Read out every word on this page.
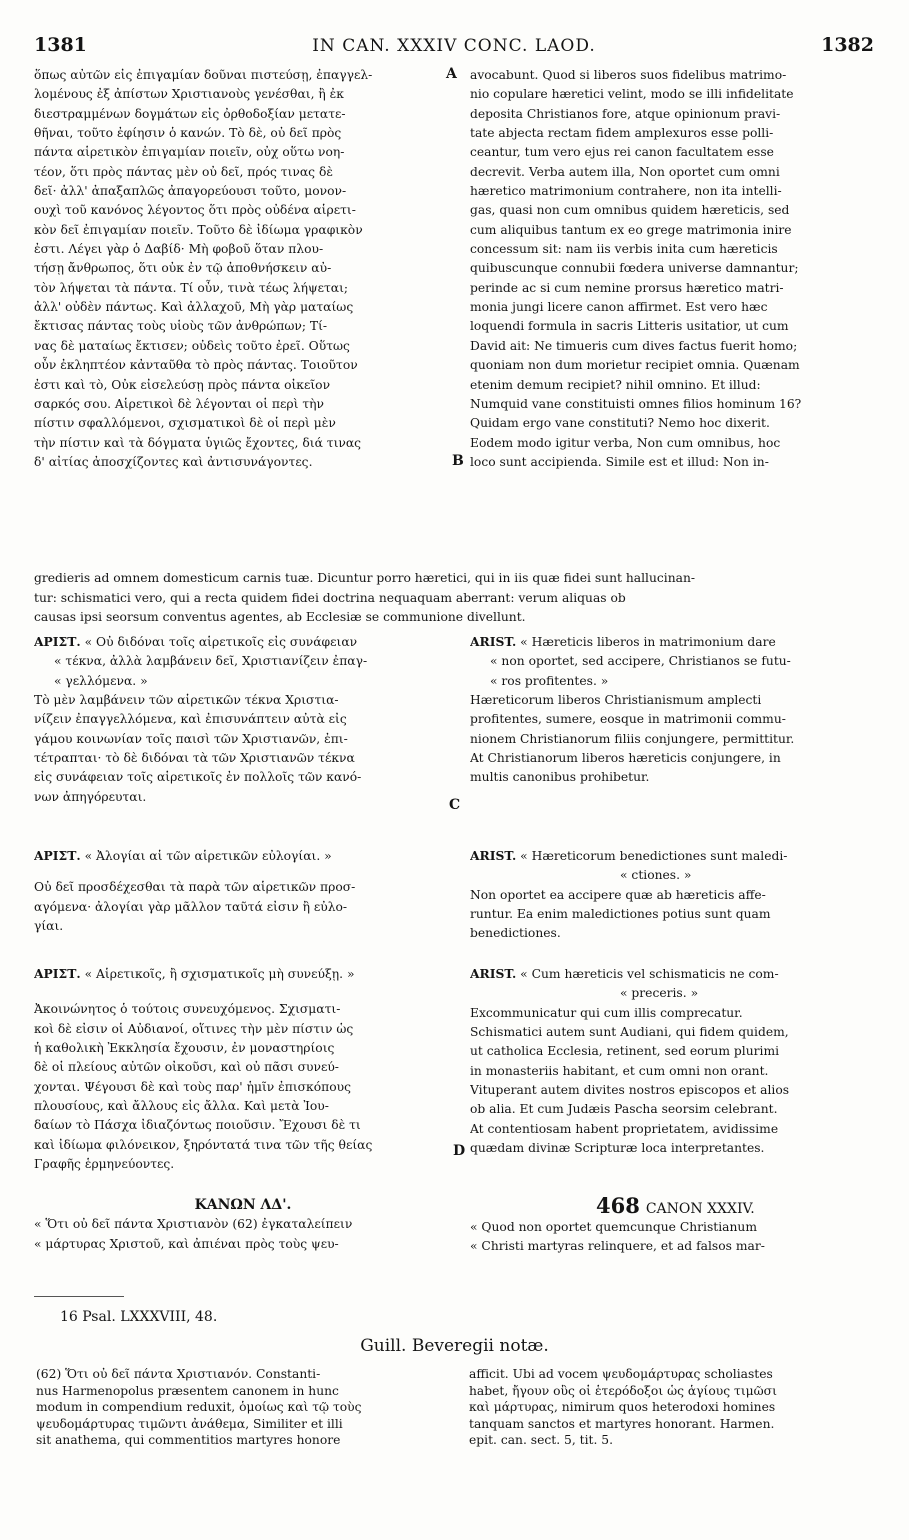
1381	IN CAN. XXXIV CONC. LAOD.	1382
ὅπως αὐτῶν εἰς ἐπιγαμίαν δοῦναι πιστεύσῃ, ἐπαγγελ-
λομένους ἐξ ἀπίστων Χριστιανοὺς γενέσθαι, ἢ ἐκ
διεστραμμένων δογμάτων εἰς ὀρθοδοξίαν μετατε-
θῆναι, τοῦτο ἐφίησιν ὁ κανών. Τὸ δὲ, οὐ δεῖ πρὸς
πάντα αἱρετικὸν ἐπιγαμίαν ποιεῖν, οὐχ οὕτω νοη-
τέον, ὅτι πρὸς πάντας μὲν οὐ δεῖ, πρός τινας δὲ
δεῖ· ἀλλ' ἀπαξαπλῶς ἀπαγορεύουσι τοῦτο, μονον-
ουχὶ τοῦ κανόνος λέγοντος ὅτι πρὸς οὐδένα αἱρετι-
κὸν δεῖ ἐπιγαμίαν ποιεῖν. Τοῦτο δὲ ἰδίωμα γραφικὸν
ἐστι. Λέγει γὰρ ὁ Δαβίδ· Μὴ φοβοῦ ὅταν πλου-
τήσῃ ἄνθρωπος, ὅτι οὐκ ἐν τῷ ἀποθνήσκειν αὐ-
τὸν λήψεται τὰ πάντα. Τί οὖν, τινὰ τέως λήψεται;
ἀλλ' οὐδὲν πάντως. Καὶ ἀλλαχοῦ, Μὴ γὰρ ματαίως
ἔκτισας πάντας τοὺς υἱοὺς τῶν ἀνθρώπων; Τί-
νας δὲ ματαίως ἔκτισεν; οὐδεὶς τοῦτο ἐρεῖ. Οὕτως
οὖν ἐκληπτέον κἀνταῦθα τὸ πρὸς πάντας. Τοιοῦτον
ἐστι καὶ τὸ, Οὐκ εἰσελεύσῃ πρὸς πάντα οἰκεῖον
σαρκός σου. Αἱρετικοὶ δὲ λέγονται οἱ περὶ τὴν
πίστιν σφαλλόμενοι, σχισματικοὶ δὲ οἱ περὶ μὲν
τὴν πίστιν καὶ τὰ δόγματα ὑγιῶς ἔχοντες, διά τινας
δ' αἰτίας ἀποσχίζοντες καὶ ἀντισυνάγοντες.
avocabunt. Quod si liberos suos fidelibus matrimo-
nio copulare hæretici velint, modo se illi infidelitate
deposita Christianos fore, atque opinionum pravi-
tate abjecta rectam fidem amplexuros esse polli-
ceantur, tum vero ejus rei canon facultatem esse
decrevit. Verba autem illa, Non oportet cum omni
hæretico matrimonium contrahere, non ita intelli-
gas, quasi non cum omnibus quidem hæreticis, sed
cum aliquibus tantum ex eo grege matrimonia inire
concessum sit: nam iis verbis inita cum hæreticis
quibuscunque connubii fœdera universe damnantur;
perinde ac si cum nemine prorsus hæretico matri-
monia jungi licere canon affirmet. Est vero hæc
loquendi formula in sacris Litteris usitatior, ut cum
David ait: Ne timueris cum dives factus fuerit homo;
quoniam non dum morietur recipiet omnia. Quænam
etenim demum recipiet? nihil omnino. Et illud:
Numquid vane constituisti omnes filios hominum 16?
Quidam ergo vane constituti? Nemo hoc dixerit.
Eodem modo igitur verba, Non cum omnibus, hoc
loco sunt accipienda. Simile est et illud: Non in-
A
B
C
D
gredieris ad omnem domesticum carnis tuæ. Dicuntur porro hæretici, qui in iis quæ fidei sunt hallucinan-
tur: schismatici vero, qui a recta quidem fidei doctrina nequaquam aberrant: verum aliquas ob
causas ipsi seorsum conventus agentes, ab Ecclesiæ se communione divellunt.
ΑΡΙΣΤ. « Οὐ διδόναι τοῖς αἱρετικοῖς εἰς συνάφειαν
« τέκνα, ἀλλὰ λαμβάνειν δεῖ, Χριστιανίζειν ἐπαγ-
« γελλόμενα. »
Τὸ μὲν λαμβάνειν τῶν αἱρετικῶν τέκνα Χριστια-
νίζειν ἐπαγγελλόμενα, καὶ ἐπισυνάπτειν αὐτὰ εἰς
γάμου κοινωνίαν τοῖς παισὶ τῶν Χριστιανῶν, ἐπι-
τέτραπται· τὸ δὲ διδόναι τὰ τῶν Χριστιανῶν τέκνα
εἰς συνάφειαν τοῖς αἱρετικοῖς ἐν πολλοῖς τῶν κανό-
νων ἀπηγόρευται.
ARIST. « Hæreticis liberos in matrimonium dare
« non oportet, sed accipere, Christianos se futu-
« ros profitentes. »
Hæreticorum liberos Christianismum amplecti
profitentes, sumere, eosque in matrimonii commu-
nionem Christianorum filiis conjungere, permittitur.
At Christianorum liberos hæreticis conjungere, in
multis canonibus prohibetur.
ΑΡΙΣΤ. « Ἀλογίαι αἱ τῶν αἱρετικῶν εὐλογίαι. »
Οὐ δεῖ προσδέχεσθαι τὰ παρὰ τῶν αἱρετικῶν προσ-
αγόμενα· ἀλογίαι γὰρ μᾶλλον ταῦτά εἰσιν ἢ εὐλο-
γίαι.
ARIST. « Hæreticorum benedictiones sunt maledi-
« ctiones. »
Non oportet ea accipere quæ ab hæreticis affe-
runtur. Ea enim maledictiones potius sunt quam
benedictiones.
ΑΡΙΣΤ. « Αἱρετικοῖς, ἢ σχισματικοῖς μὴ συνεύξῃ. »
Ἀκοινώνητος ὁ τούτοις συνευχόμενος. Σχισματι-
κοὶ δὲ εἰσιν οἱ Αὐδιανοί, οἵτινες τὴν μὲν πίστιν ὡς
ἡ καθολικὴ Ἐκκλησία ἔχουσιν, ἐν μοναστηρίοις
δὲ οἱ πλείους αὐτῶν οἰκοῦσι, καὶ οὐ πᾶσι συνεύ-
χονται. Ψέγουσι δὲ καὶ τοὺς παρ' ἡμῖν ἐπισκόπους
πλουσίους, καὶ ἄλλους εἰς ἄλλα. Καὶ μετὰ Ἰου-
δαίων τὸ Πάσχα ἰδιαζόντως ποιοῦσιν. Ἔχουσι δὲ τι
καὶ ἰδίωμα φιλόνεικον, ξηρόντατά τινα τῶν τῆς θείας
Γραφῆς ἑρμηνεύοντες.
ARIST. « Cum hæreticis vel schismaticis ne com-
« preceris. »
Excommunicatur qui cum illis comprecatur.
Schismatici autem sunt Audiani, qui fidem quidem,
ut catholica Ecclesia, retinent, sed eorum plurimi
in monasteriis habitant, et cum omni non orant.
Vituperant autem divites nostros episcopos et alios
ob alia. Et cum Judæis Pascha seorsim celebrant.
At contentiosam habent proprietatem, avidissime
quædam divinæ Scripturæ loca interpretantes.
ΚΑΝΩΝ ΛΔ'.
« Ὅτι οὐ δεῖ πάντα Χριστιανὸν (62) ἐγκαταλείπειν
« μάρτυρας Χριστοῦ, καὶ ἀπιέναι πρὸς τοὺς ψευ-
468 CANON XXXIV.
« Quod non oportet quemcunque Christianum
« Christi martyras relinquere, et ad falsos mar-
16 Psal. LXXXVIII, 48.
Guill. Beveregii notæ.
(62) Ὅτι οὐ δεῖ πάντα Χριστιανόν. Constanti-
nus Harmenopolus præsentem canonem in hunc
modum in compendium reduxit, ὁμοίως καὶ τῷ τοὺς
ψευδομάρτυρας τιμῶντι ἀνάθεμα, Similiter et illi
sit anathema, qui commentitios martyres honore
afficit. Ubi ad vocem ψευδομάρτυρας scholiastes
habet, ἤγουν οὓς οἱ ἑτερόδοξοι ὡς ἁγίους τιμῶσι
καὶ μάρτυρας, nimirum quos heterodoxi homines
tanquam sanctos et martyres honorant. Harmen.
epit. can. sect. 5, tit. 5.
